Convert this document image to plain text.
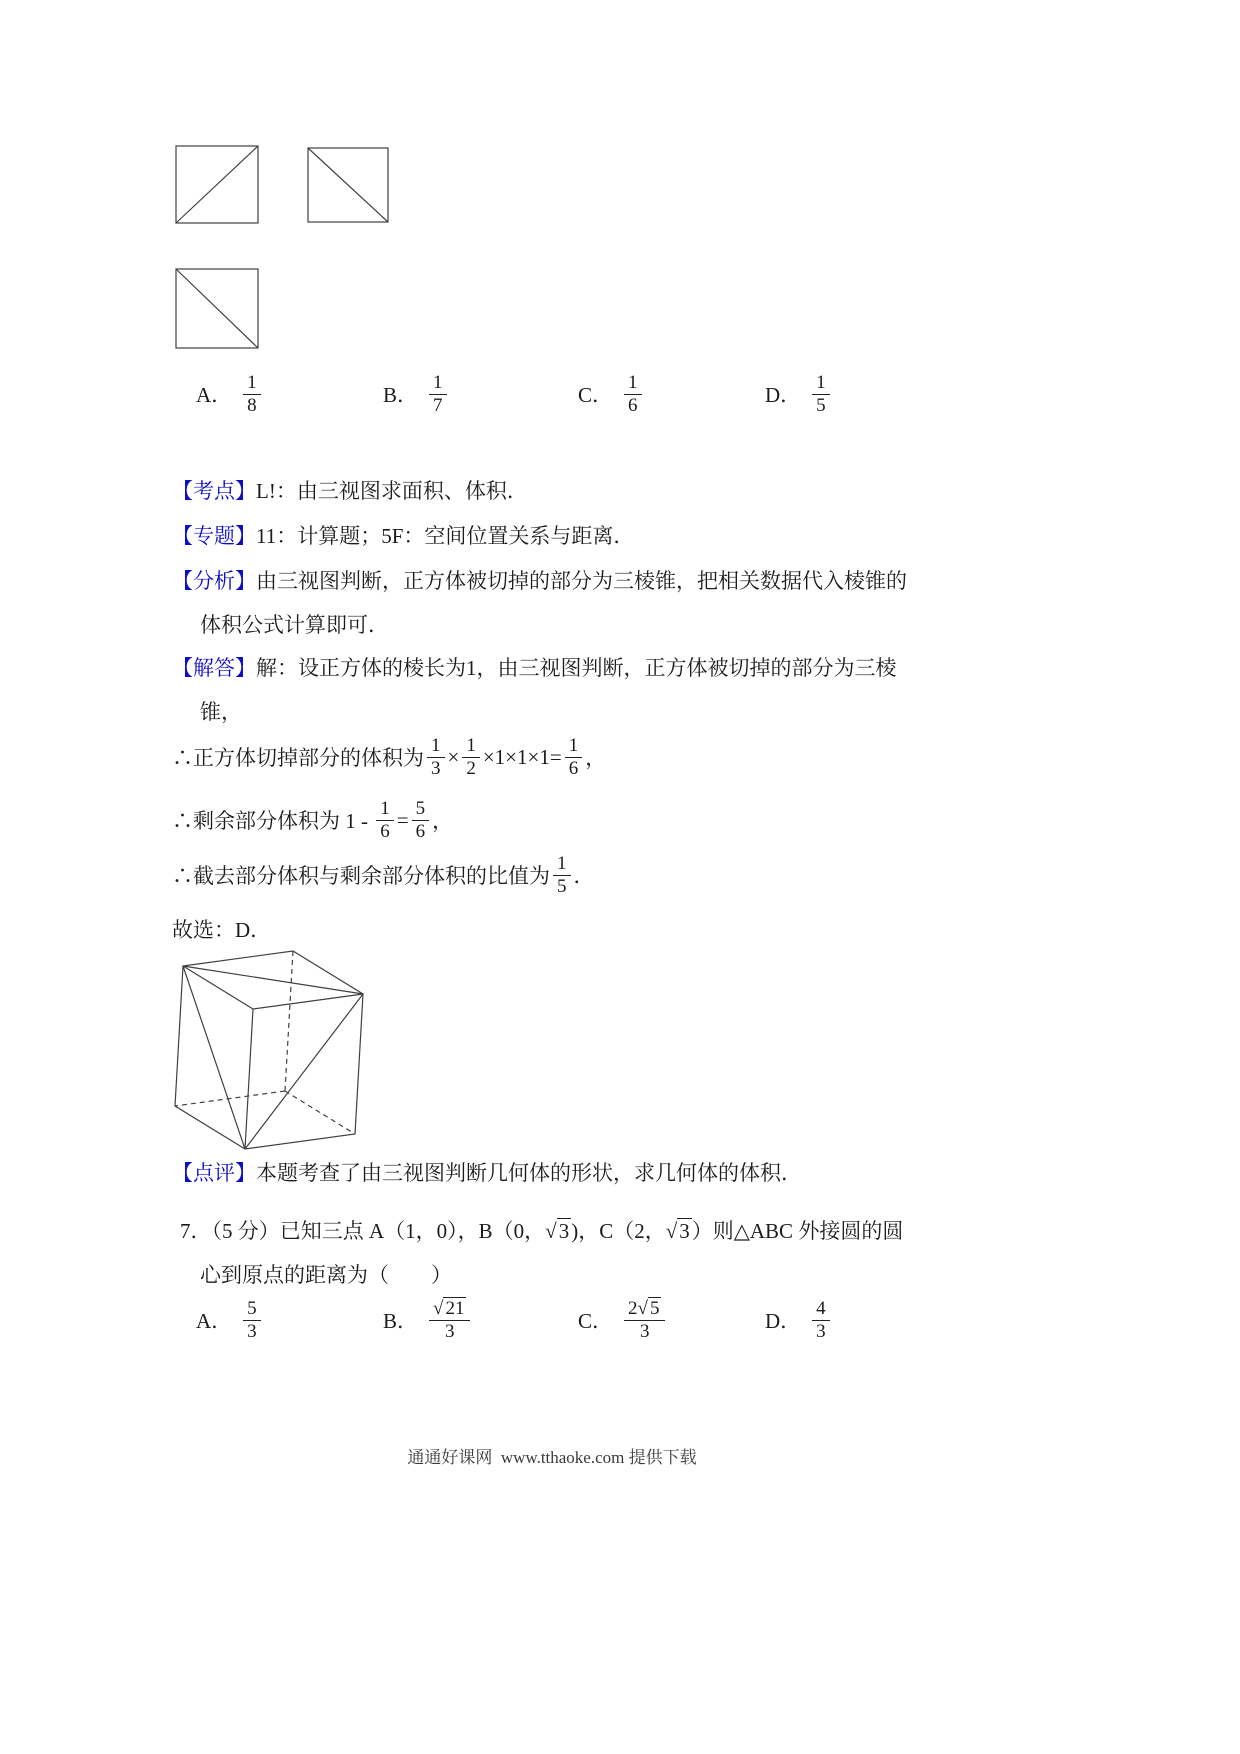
A． $\frac{1}{8}$	B． $\frac{1}{7}$	C． $\frac{1}{6}$	D． $\frac{1}{5}$
【考点】L!：由三视图求面积、体积．
【专题】11：计算题；5F：空间位置关系与距离．
【分析】由三视图判断，正方体被切掉的部分为三棱锥，把相关数据代入棱锥的
体积公式计算即可．
【解答】解：设正方体的棱长为1，由三视图判断，正方体被切掉的部分为三棱
锥，
∴正方体切掉部分的体积为 $\frac{1}{3} \times \frac{1}{2} \times 1\times 1\times 1= \frac{1}{6}$ ，
∴剩余部分体积为 $1 - \frac{1}{6} = \frac{5}{6}$ ，
∴截去部分体积与剩余部分体积的比值为 $\frac{1}{5}$ ．
故选：D．
【点评】本题考查了由三视图判断几何体的形状，求几何体的体积．
7．（5 分）已知三点 A（1，0），B（0，√3)，C（2，√3）则△ABC 外接圆的圆
心到原点的距离为（　　）
A． $\frac{5}{3}$	B． $\frac{√ 21}{3}$	C． $\frac{2√ 5}{3}$	D． $\frac{4}{3}$
通通好课网  www.tthaoke.com 提供下载
